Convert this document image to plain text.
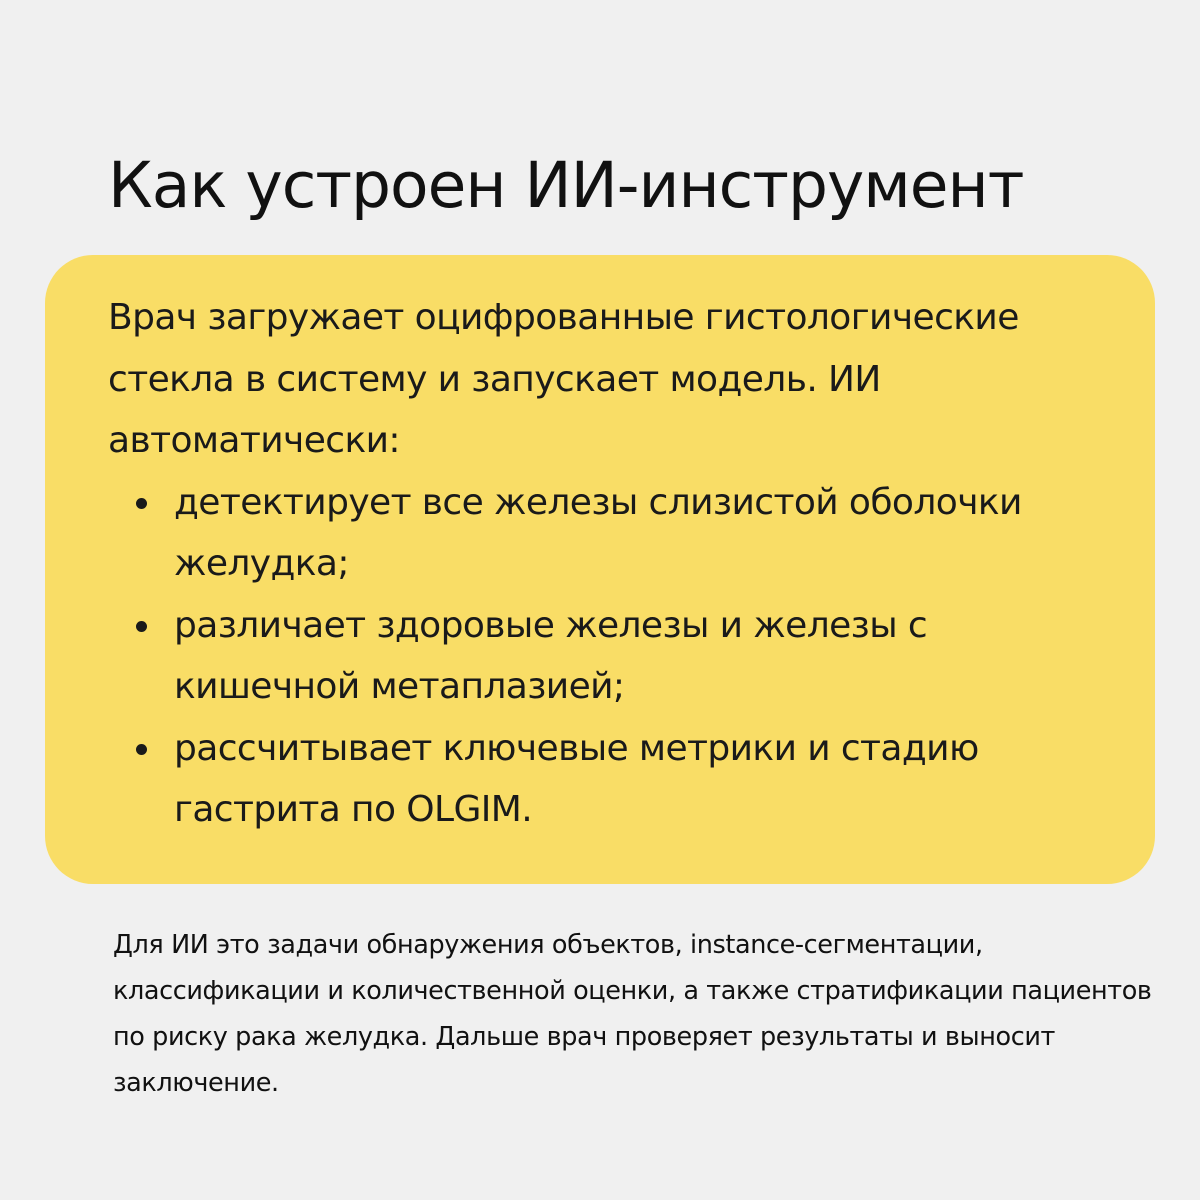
Как устроен ИИ-инструмент

Врач загружает оцифрованные гистологические стекла в систему и запускает модель. ИИ автоматически:

детектирует все железы слизистой оболочки желудка;
различает здоровые железы и железы с кишечной метаплазией;
рассчитывает ключевые метрики и стадию гастрита по OLGIM.

Для ИИ это задачи обнаружения объектов, instance-сегментации, классификации и количественной оценки, а также стратификации пациентов по риску рака желудка. Дальше врач проверяет результаты и выносит заключение.
